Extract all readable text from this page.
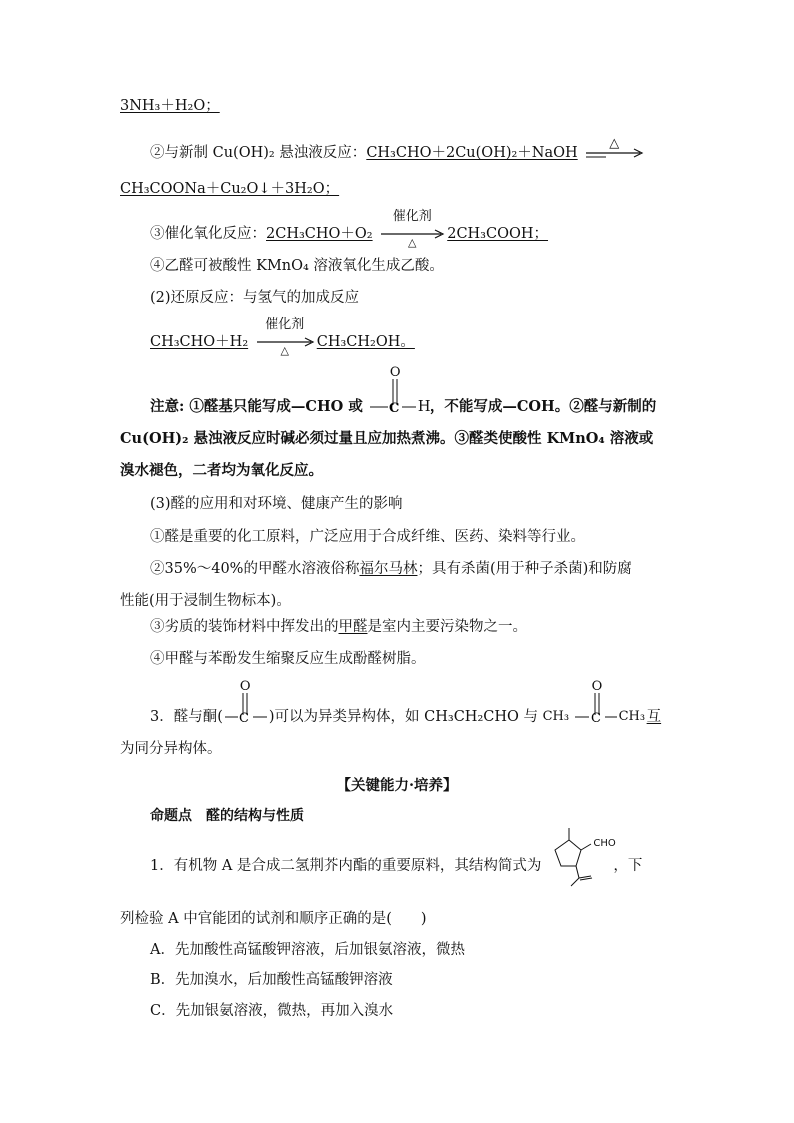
3NH₃＋H₂O；
②与新制 Cu(OH)₂ 悬浊液反应：CH₃CHO＋2Cu(OH)₂＋NaOH
△
CH₃COONa＋Cu₂O↓＋3H₂O；
③催化氧化反应：2CH₃CHO＋O₂
催化剂
△
2CH₃COOH；
④乙醛可被酸性 KMnO₄ 溶液氧化生成乙酸。
(2)还原反应：与氢气的加成反应
CH₃CHO＋H₂
催化剂
△
CH₃CH₂OH。
注意: ①醛基只能写成—CHO 或
O
C H ，不能写成—COH。②醛与新制的
Cu(OH)₂ 悬浊液反应时碱必须过量且应加热煮沸。③醛类使酸性 KMnO₄ 溶液或
溴水褪色，二者均为氧化反应。
(3)醛的应用和对环境、健康产生的影响
①醛是重要的化工原料，广泛应用于合成纤维、医药、染料等行业。
②35%～40%的甲醛水溶液俗称福尔马林；具有杀菌(用于种子杀菌)和防腐
性能(用于浸制生物标本)。
③劣质的装饰材料中挥发出的甲醛是室内主要污染物之一。
④甲醛与苯酚发生缩聚反应生成酚醛树脂。
3．醛与酮(
O
C )可以为异类异构体，如 CH₃CH₂CHO 与
O
C
CH₃	CH₃ 互
为同分异构体。
【关键能力·培养】
命题点　醛的结构与性质
1．有机物 A 是合成二氢荆芥内酯的重要原料，其结构简式为
CHO
，下
列检验 A 中官能团的试剂和顺序正确的是(　　)
A．先加酸性高锰酸钾溶液，后加银氨溶液，微热
B．先加溴水，后加酸性高锰酸钾溶液
C．先加银氨溶液，微热，再加入溴水
